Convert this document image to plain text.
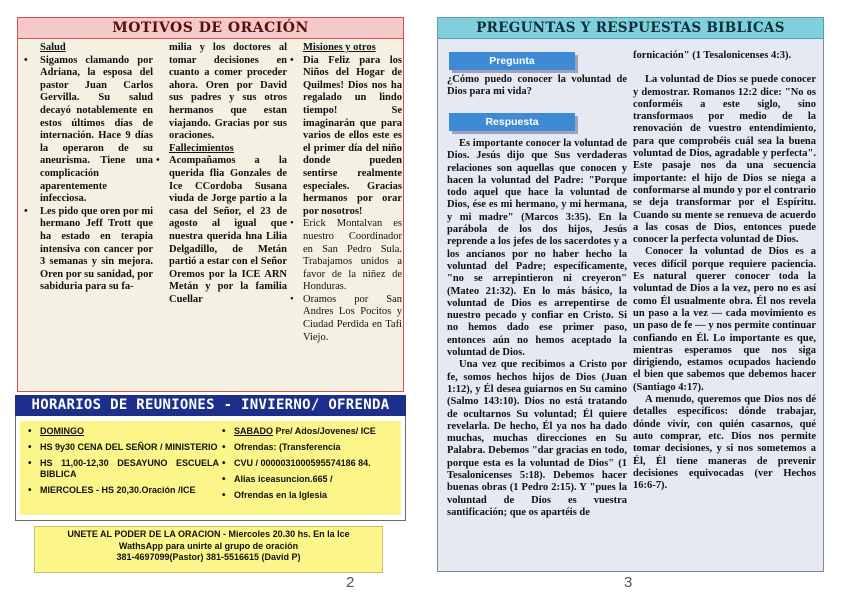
MOTIVOS DE ORACIÓN
Salud
• Sigamos clamando por Adriana, la esposa del pastor Juan Carlos Gervilla. Su salud decayó notablemente en estos últimos días de internación. Hace 9 días la operaron de su aneurisma. Tiene una complicación aparentemente infecciosa.
• Les pido que oren por mi hermano Jeff Trott que ha estado en terapia intensiva con cancer por 3 semanas y sin mejora. Oren por su sanidad, por sabiduria para su fa-
milia y los doctores al tomar decisiones en cuanto a comer proceder ahora. Oren por David sus padres y sus otros hermanos que estan viajando. Gracias por sus oraciones.
Fallecimientos
• Acompañamos a la querida flia Gonzales de Ice CCordoba Susana viuda de Jorge partio a la casa del Señor, el 23 de agosto al igual que nuestra querida hna Lilia Delgadillo, de Metán partió a estar con el Señor Oremos por la ICE ARN Metán y por la familia Cuellar
Misiones y otros
• Dia Feliz para los Niños del Hogar de Quilmes! Dios nos ha regalado un lindo tiempo! Se imaginarán que para varios de ellos este es el primer día del niño donde pueden sentirse realmente especiales. Gracias hermanos por orar por nosotros!
• Erick Montalvan es nuestro Coordinador en San Pedro Sula. Trabajamos unidos a favor de la niñez de Honduras.
• Oramos por San Andres Los Pocitos y Ciudad Perdida en Tafi Viejo.
HORARIOS DE REUNIONES - INVIERNO/ OFRENDA
• DOMINGO
• HS 9y30 CENA DEL SEÑOR / MINISTERIO
• HS 11,00-12,30 DESAYUNO ESCUELA BIBLICA
• MIERCOLES - HS 20,30.Oración /ICE
• SABADO Pre/ Ados/Jovenes/ ICE
• Ofrendas: (Transferencia
• CVU / 0000031000595574186 84.
• Alias iceasuncion.665 /
• Ofrendas en la Iglesia
UNETE AL PODER DE LA ORACION - Miercoles 20.30 hs. En la Ice
WathsApp para unirte al grupo de oración
381-4697099(Pastor) 381-5516615 (David P)
2
PREGUNTAS Y RESPUESTAS BIBLICAS
Pregunta
¿Cómo puedo conocer la voluntad de Dios para mi vida?
Respuesta
Es importante conocer la voluntad de Dios. Jesús dijo que Sus verdaderas relaciones son aquellas que conocen y hacen la voluntad del Padre: "Porque todo aquel que hace la voluntad de Dios, ése es mi hermano, y mi hermana, y mi madre" (Marcos 3:35). En la parábola de los dos hijos, Jesús reprende a los jefes de los sacerdotes y a los ancianos por no haber hecho la voluntad del Padre; específicamente, "no se arrepintieron ni creyeron" (Mateo 21:32). En lo más básico, la voluntad de Dios es arrepentirse de nuestro pecado y confiar en Cristo. Si no hemos dado ese primer paso, entonces aún no hemos aceptado la voluntad de Dios.
Una vez que recibimos a Cristo por fe, somos hechos hijos de Dios (Juan 1:12), y Él desea guiarnos en Su camino (Salmo 143:10). Dios no está tratando de ocultarnos Su voluntad; Él quiere revelarla. De hecho, Él ya nos ha dado muchas, muchas direcciones en Su Palabra. Debemos "dar gracias en todo, porque esta es la voluntad de Dios" (1 Tesalonicenses 5:18). Debemos hacer buenas obras (1 Pedro 2:15). Y "pues la voluntad de Dios es vuestra santificación; que os apartéis de
fornicación" (1 Tesalonicenses 4:3).
La voluntad de Dios se puede conocer y demostrar. Romanos 12:2 dice: "No os conforméis a este siglo, sino transformaos por medio de la renovación de vuestro entendimiento, para que comprobéis cuál sea la buena voluntad de Dios, agradable y perfecta". Este pasaje nos da una secuencia importante: el hijo de Dios se niega a conformarse al mundo y por el contrario se deja transformar por el Espíritu. Cuando su mente se renueva de acuerdo a las cosas de Dios, entonces puede conocer la perfecta voluntad de Dios.
Conocer la voluntad de Dios es a veces difícil porque requiere paciencia. Es natural querer conocer toda la voluntad de Dios a la vez, pero no es así como Él usualmente obra. Él nos revela un paso a la vez — cada movimiento es un paso de fe — y nos permite continuar confiando en Él. Lo importante es que, mientras esperamos que nos siga dirigiendo, estamos ocupados haciendo el bien que sabemos que debemos hacer (Santiago 4:17).
A menudo, queremos que Dios nos dé detalles específicos: dónde trabajar, dónde vivir, con quién casarnos, qué auto comprar, etc. Dios nos permite tomar decisiones, y si nos sometemos a Él, Él tiene maneras de prevenir decisiones equivocadas (ver Hechos 16:6-7).
3
